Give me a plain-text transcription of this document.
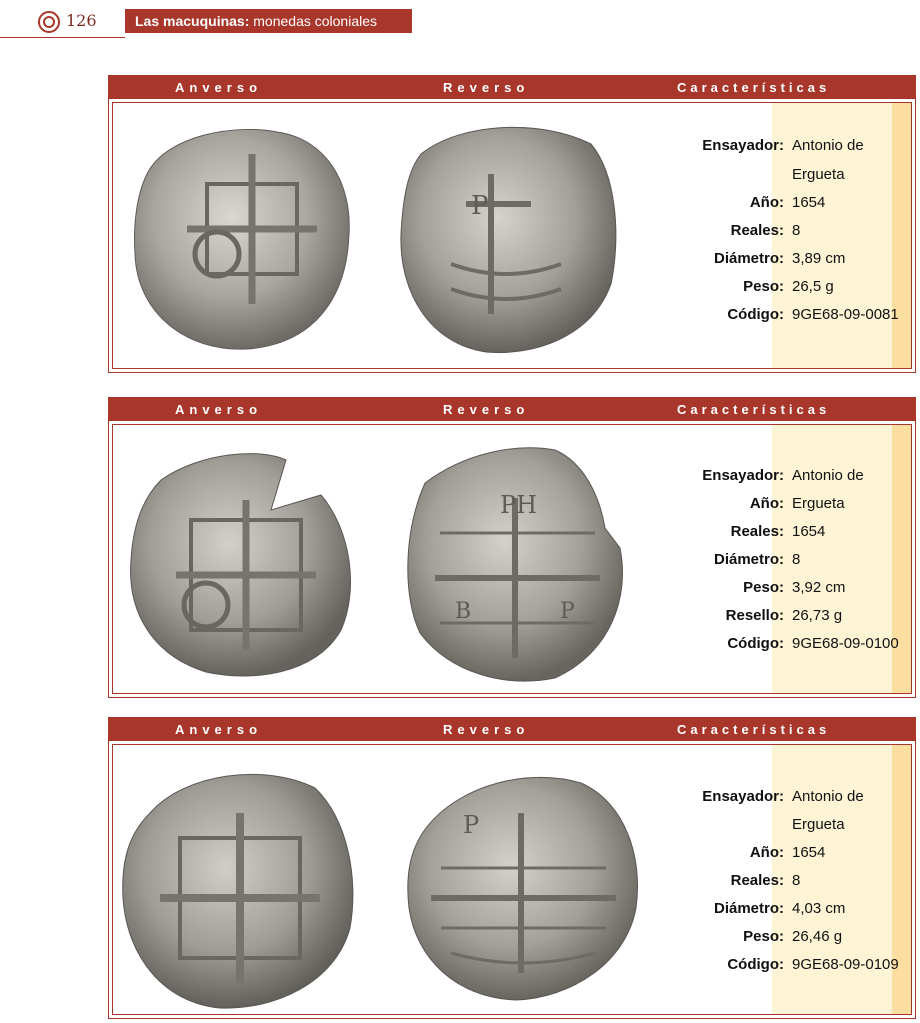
126	Las macuquinas: monedas coloniales
Anverso	Reverso	Características
P
Ensayador: Antonio de
Ergueta
Año: 1654
Reales: 8
Diámetro: 3,89 cm
Peso: 26,5 g
Código: 9GE68-09-0081
Anverso	Reverso	Características
PH
B	P
Ensayador: Antonio de
Año: Ergueta
Reales: 1654
Diámetro: 8
Peso: 3,92 cm
Resello: 26,73 g
Código: 9GE68-09-0100
Anverso	Reverso	Características
P
Ensayador: Antonio de
Ergueta
Año: 1654
Reales: 8
Diámetro: 4,03 cm
Peso: 26,46 g
Código: 9GE68-09-0109
